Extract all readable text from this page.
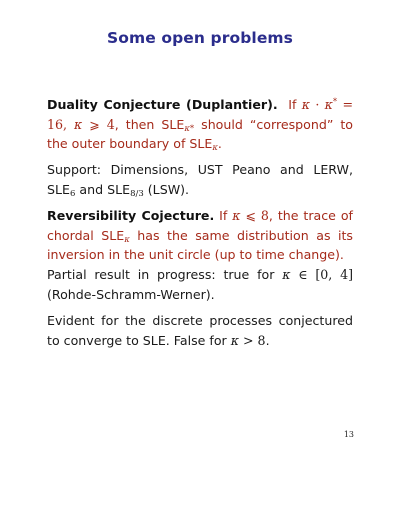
Some open problems
Duality Conjecture (Duplantier). If κ · κ* = 16, κ ⩾ 4, then $SLE_{\kappa*}$ should “correspond” to the outer boundary of $SLE_\kappa$.
Support: Dimensions, UST Peano and LERW, $SLE_6$ and $SLE_{8/3}$ (LSW).
Reversibility Cojecture. If κ ⩽ 8, the trace of chordal $SLE_\kappa$ has the same distribution as its inversion in the unit circle (up to time change).
Partial result in progress: true for κ ∈ [0, 4] (Rohde-Schramm-Werner).
Evident for the discrete processes conjectured to converge to SLE. False for κ > 8.
13
